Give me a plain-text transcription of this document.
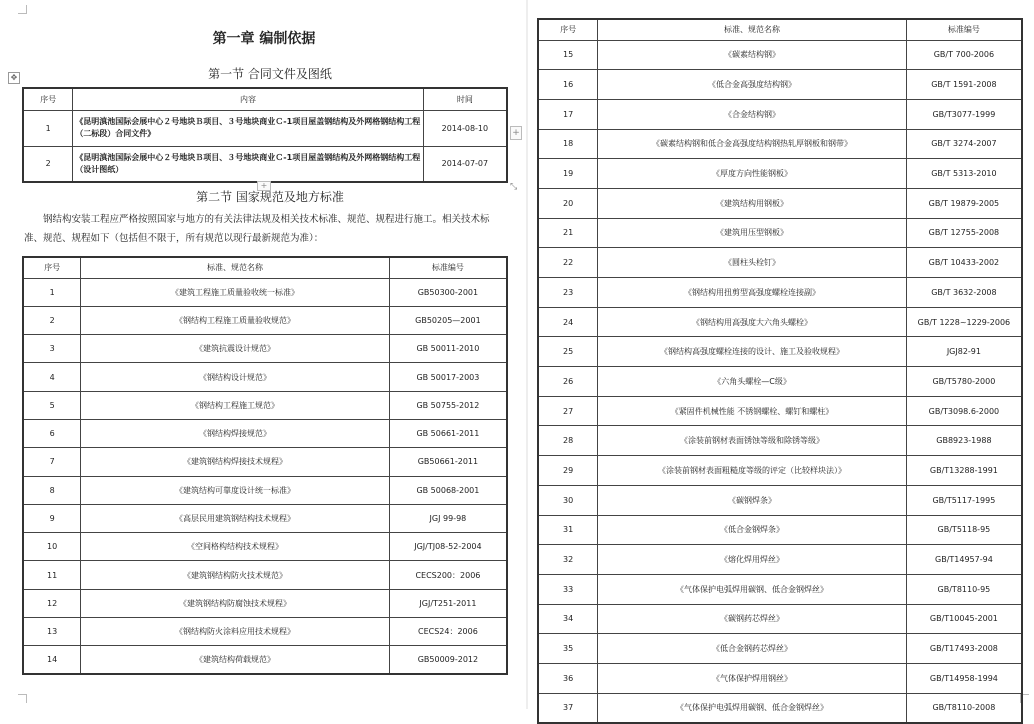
第一章 编制依据
第一节 合同文件及图纸
✥
序号	内容	时间
1	《昆明滇池国际会展中心２号地块Ｂ项目、３号地块商业Ｃ-1项目屋盖钢结构及外网格钢结构工程（二标段）合同文件》	2014-08-10
2	《昆明滇池国际会展中心２号地块Ｂ项目、３号地块商业Ｃ-1项目屋盖钢结构及外网格钢结构工程（设计图纸）	2014-07-07
+
+	⤡
第二节 国家规范及地方标准
钢结构安装工程应严格按照国家与地方的有关法律法规及相关技术标准、规范、规程进行施工。相关技术标准、规范、规程如下（包括但不限于，所有规范以现行最新规范为准）：
序号	标准、规范名称	标准编号
1	《建筑工程施工质量验收统一标准》	GB50300-2001
2	《钢结构工程施工质量验收规范》	GB50205—2001
3	《建筑抗震设计规范》	GB 50011-2010
4	《钢结构设计规范》	GB 50017-2003
5	《钢结构工程施工规范》	GB 50755-2012
6	《钢结构焊接规范》	GB 50661-2011
7	《建筑钢结构焊接技术规程》	GB50661-2011
8	《建筑结构可靠度设计统一标准》	GB 50068-2001
9	《高层民用建筑钢结构技术规程》	JGJ 99-98
10	《空间格构结构技术规程》	JGJ/TJ08-52-2004
11	《建筑钢结构防火技术规范》	CECS200：2006
12	《建筑钢结构防腐蚀技术规程》	JGJ/T251-2011
13	《钢结构防火涂料应用技术规程》	CECS24：2006
14	《建筑结构荷载规范》	GB50009-2012
序号	标准、规范名称	标准编号
15	《碳素结构钢》	GB/T 700-2006
16	《低合金高强度结构钢》	GB/T 1591-2008
17	《合金结构钢》	GB/T3077-1999
18	《碳素结构钢和低合金高强度结构钢热轧厚钢板和钢带》	GB/T 3274-2007
19	《厚度方向性能钢板》	GB/T 5313-2010
20	《建筑结构用钢板》	GB/T 19879-2005
21	《建筑用压型钢板》	GB/T 12755-2008
22	《圆柱头栓钉》	GB/T 10433-2002
23	《钢结构用扭剪型高强度螺栓连接副》	GB/T 3632-2008
24	《钢结构用高强度大六角头螺栓》	GB/T 1228~1229-2006
25	《钢结构高强度螺栓连接的设计、施工及验收规程》	JGJ82-91
26	《六角头螺栓—C级》	GB/T5780-2000
27	《紧固件机械性能 不锈钢螺栓、螺钉和螺柱》	GB/T3098.6-2000
28	《涂装前钢材表面锈蚀等级和除锈等级》	GB8923-1988
29	《涂装前钢材表面粗糙度等级的评定（比较样块法）》	GB/T13288-1991
30	《碳钢焊条》	GB/T5117-1995
31	《低合金钢焊条》	GB/T5118-95
32	《熔化焊用焊丝》	GB/T14957-94
33	《气体保护电弧焊用碳钢、低合金钢焊丝》	GB/T8110-95
34	《碳钢药芯焊丝》	GB/T10045-2001
35	《低合金钢药芯焊丝》	GB/T17493-2008
36	《气体保护焊用钢丝》	GB/T14958-1994
37	《气体保护电弧焊用碳钢、低合金钢焊丝》	GB/T8110-2008
